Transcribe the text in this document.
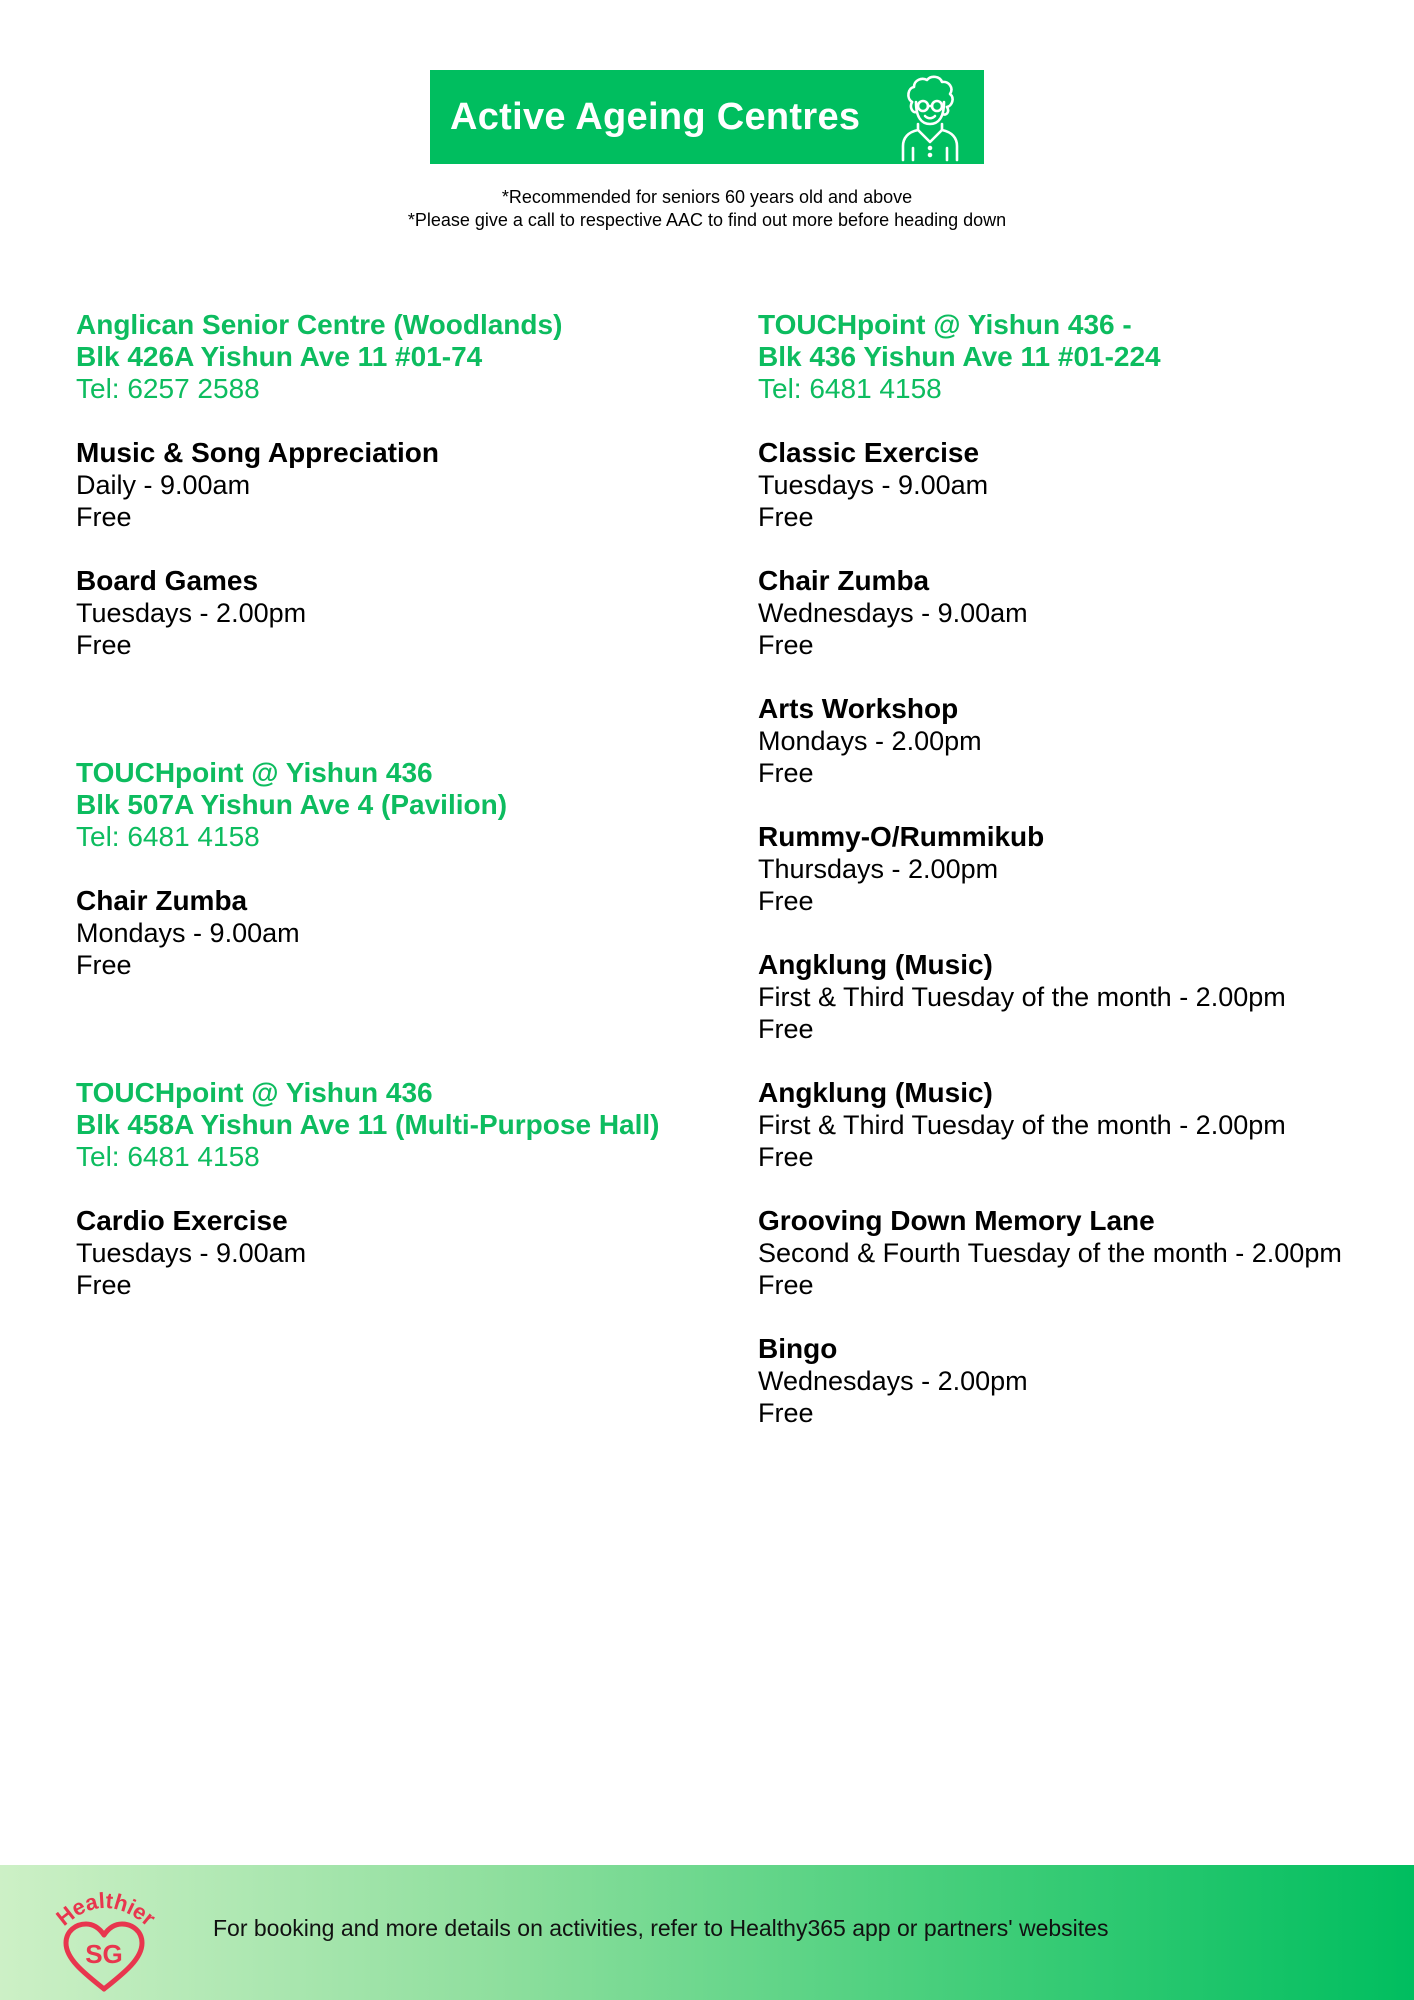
Active Ageing Centres
*Recommended for seniors 60 years old and above
*Please give a call to respective AAC to find out more before heading down
Anglican Senior Centre (Woodlands)
Blk 426A Yishun Ave 11 #01-74
Tel: 6257 2588
Music & Song Appreciation
Daily - 9.00am
Free
Board Games
Tuesdays - 2.00pm
Free
TOUCHpoint @ Yishun 436
Blk 507A Yishun Ave 4 (Pavilion)
Tel: 6481 4158
Chair Zumba
Mondays - 9.00am
Free
TOUCHpoint @ Yishun 436
Blk 458A Yishun Ave 11 (Multi-Purpose Hall)
Tel: 6481 4158
Cardio Exercise
Tuesdays - 9.00am
Free
TOUCHpoint @ Yishun 436 -
Blk 436 Yishun Ave 11 #01-224
Tel: 6481 4158
Classic Exercise
Tuesdays - 9.00am
Free
Chair Zumba
Wednesdays - 9.00am
Free
Arts Workshop
Mondays - 2.00pm
Free
Rummy-O/Rummikub
Thursdays - 2.00pm
Free
Angklung (Music)
First & Third Tuesday of the month - 2.00pm
Free
Angklung (Music)
First & Third Tuesday of the month - 2.00pm
Free
Grooving Down Memory Lane
Second & Fourth Tuesday of the month - 2.00pm
Free
Bingo
Wednesdays - 2.00pm
Free
Healthier
SG
For booking and more details on activities, refer to Healthy365 app or partners' websites
